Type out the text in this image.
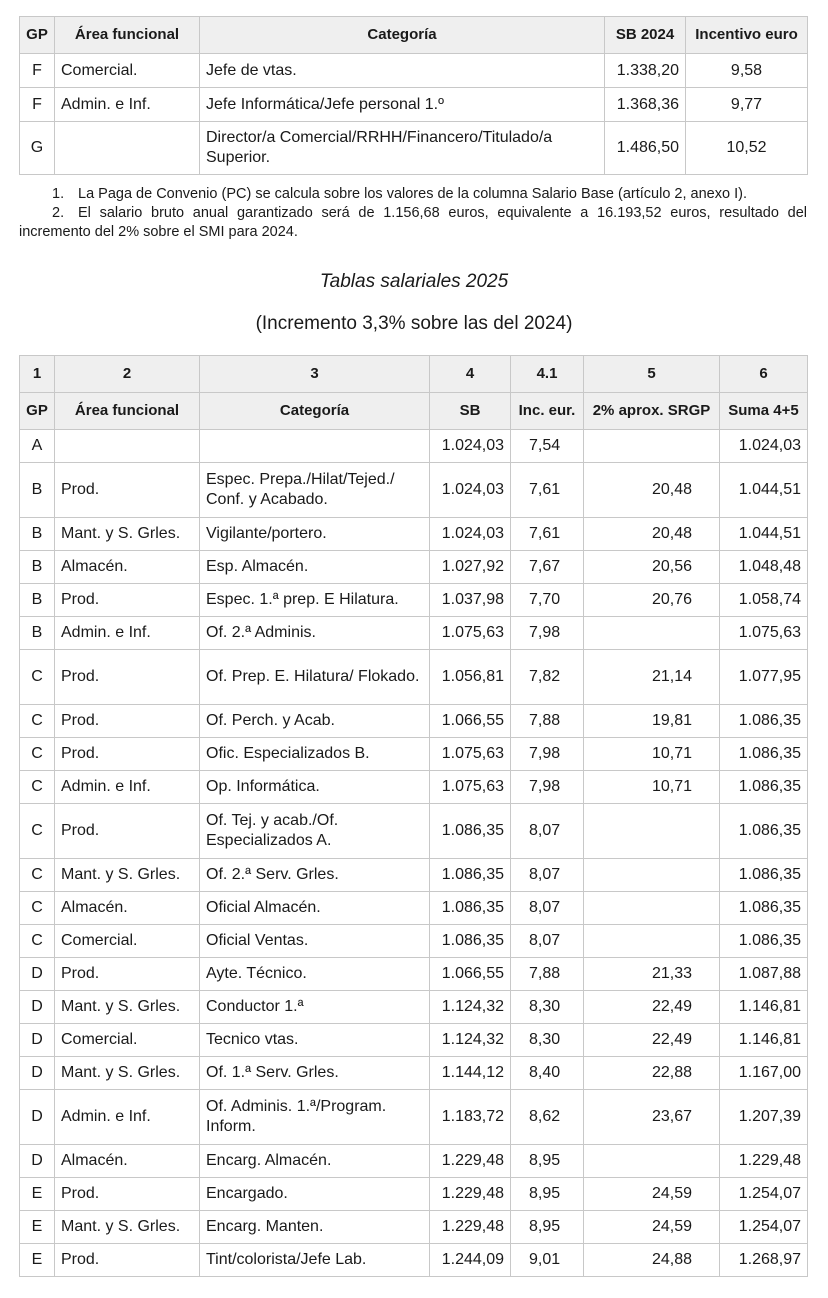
GP	Área funcional	Categoría	SB 2024	Incentivo euro
F	Comercial.	Jefe de vtas.	1.338,20	9,58
F	Admin. e Inf.	Jefe Informática/Jefe personal 1.º	1.368,36	9,77
G		Director/a Comercial/RRHH/Financero/Titulado/a Superior.	1.486,50	10,52

1. La Paga de Convenio (PC) se calcula sobre los valores de la columna Salario Base (artículo 2, anexo I).

2. El salario bruto anual garantizado será de 1.156,68 euros, equivalente a 16.193,52 euros, resultado del incremento del 2% sobre el SMI para 2024.

Tablas salariales 2025
(Incremento 3,3% sobre las del 2024)
1	2	3	4	4.1	5	6
GP	Área funcional	Categoría	SB	Inc. eur.	2% aprox. SRGP	Suma 4+5
A			1.024,03	7,54		1.024,03
B	Prod.	Espec. Prepa./Hilat/Tejed./ Conf. y Acabado.	1.024,03	7,61	20,48	1.044,51
B	Mant. y S. Grles.	Vigilante/portero.	1.024,03	7,61	20,48	1.044,51
B	Almacén.	Esp. Almacén.	1.027,92	7,67	20,56	1.048,48
B	Prod.	Espec. 1.ª prep. E Hilatura.	1.037,98	7,70	20,76	1.058,74
B	Admin. e Inf.	Of. 2.ª Adminis.	1.075,63	7,98		1.075,63
C	Prod.	Of. Prep. E. Hilatura/ Flokado.	1.056,81	7,82	21,14	1.077,95
C	Prod.	Of. Perch. y Acab.	1.066,55	7,88	19,81	1.086,35
C	Prod.	Ofic. Especializados B.	1.075,63	7,98	10,71	1.086,35
C	Admin. e Inf.	Op. Informática.	1.075,63	7,98	10,71	1.086,35
C	Prod.	Of. Tej. y acab./Of. Especializados A.	1.086,35	8,07		1.086,35
C	Mant. y S. Grles.	Of. 2.ª Serv. Grles.	1.086,35	8,07		1.086,35
C	Almacén.	Oficial Almacén.	1.086,35	8,07		1.086,35
C	Comercial.	Oficial Ventas.	1.086,35	8,07		1.086,35
D	Prod.	Ayte. Técnico.	1.066,55	7,88	21,33	1.087,88
D	Mant. y S. Grles.	Conductor 1.ª	1.124,32	8,30	22,49	1.146,81
D	Comercial.	Tecnico vtas.	1.124,32	8,30	22,49	1.146,81
D	Mant. y S. Grles.	Of. 1.ª Serv. Grles.	1.144,12	8,40	22,88	1.167,00
D	Admin. e Inf.	Of. Adminis. 1.ª/Program. Inform.	1.183,72	8,62	23,67	1.207,39
D	Almacén.	Encarg. Almacén.	1.229,48	8,95		1.229,48
E	Prod.	Encargado.	1.229,48	8,95	24,59	1.254,07
E	Mant. y S. Grles.	Encarg. Manten.	1.229,48	8,95	24,59	1.254,07
E	Prod.	Tint/colorista/Jefe Lab.	1.244,09	9,01	24,88	1.268,97
